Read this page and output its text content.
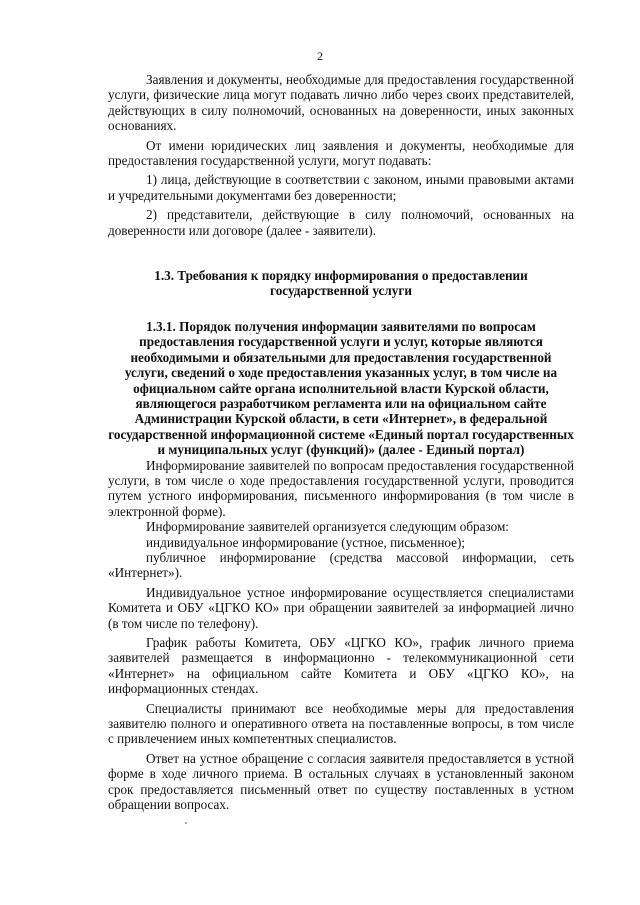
2

Заявления и документы, необходимые для предоставления государственной услуги, физические лица могут подавать лично либо через своих представителей, действующих в силу полномочий, основанных на доверенности, иных законных основаниях.

От имени юридических лиц заявления и документы, необходимые для предоставления государственной услуги, могут подавать:

1) лица, действующие в соответствии с законом, иными правовыми актами и учредительными документами без доверенности;

2) представители, действующие в силу полномочий, основанных на доверенности или договоре (далее - заявители).

1.3. Требования к порядку информирования о предоставлении государственной услуги
1.3.1. Порядок получения информации заявителями по вопросам предоставления государственной услуги и услуг, которые являются необходимыми и обязательными для предоставления государственной услуги, сведений о ходе предоставления указанных услуг, в том числе на официальном сайте органа исполнительной власти Курской области, являющегося разработчиком регламента или на официальном сайте Администрации Курской области, в сети «Интернет», в федеральной государственной информационной системе «Единый портал государственных и муниципальных услуг (функций)» (далее - Единый портал)

Информирование заявителей по вопросам предоставления государственной услуги, в том числе о ходе предоставления государственной услуги, проводится путем устного информирования, письменного информирования (в том числе в электронной форме).

Информирование заявителей организуется следующим образом:

индивидуальное информирование (устное, письменное);

публичное информирование (средства массовой информации, сеть «Интернет»).

Индивидуальное устное информирование осуществляется специалистами Комитета и ОБУ «ЦГКО КО» при обращении заявителей за информацией лично (в том числе по телефону).

График работы Комитета, ОБУ «ЦГКО КО», график личного приема заявителей размещается в информационно - телекоммуникационной сети «Интернет» на официальном сайте Комитета и ОБУ «ЦГКО КО», на информационных стендах.

Специалисты принимают все необходимые меры для предоставления заявителю полного и оперативного ответа на поставленные вопросы, в том числе с привлечением иных компетентных специалистов.

Ответ на устное обращение с согласия заявителя предоставляется в устной форме в ходе личного приема. В остальных случаях в установленный законом срок предоставляется письменный ответ по существу поставленных в устном обращении вопросах.
